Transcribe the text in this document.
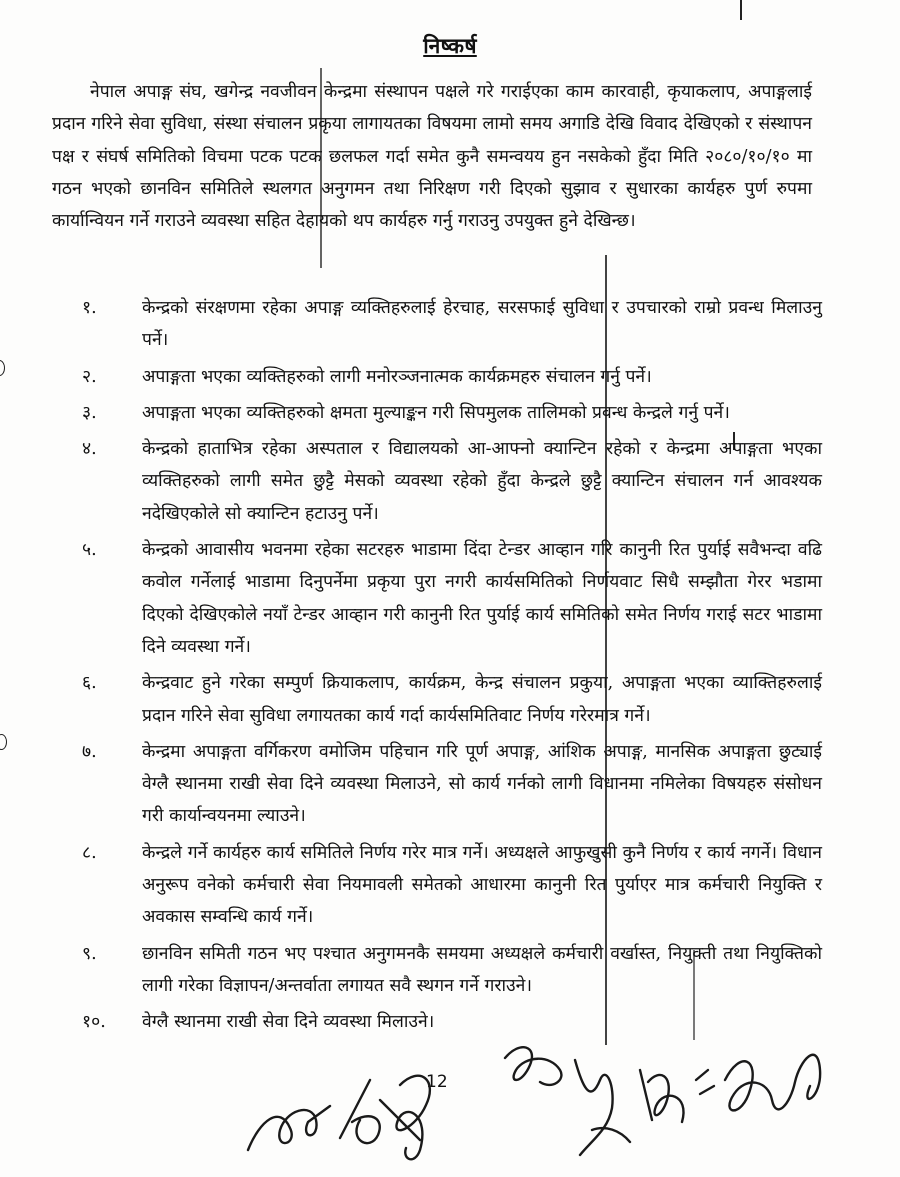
निष्कर्ष

नेपाल अपाङ्ग संघ, खगेन्द्र नवजीवन केन्द्रमा संस्थापन पक्षले गरे गराईएका काम कारवाही, कृयाकलाप, अपाङ्गलाई प्रदान गरिने सेवा सुविधा, संस्था संचालन प्रकृया लागायतका विषयमा लामो समय अगाडि देखि विवाद देखिएको र संस्थापन पक्ष र संघर्ष समितिको विचमा पटक पटक छलफल गर्दा समेत कुनै समन्वयय हुन नसकेको हुँदा मिति २०८०/१०/१० मा गठन भएको छानविन समितिले स्थलगत अनुगमन तथा निरिक्षण गरी दिएको सुझाव र सुधारका कार्यहरु पुर्ण रुपमा कार्यान्वियन गर्ने गराउने व्यवस्था सहित देहायको थप कार्यहरु गर्नु गराउनु उपयुक्त हुने देखिन्छ।

१.	केन्द्रको संरक्षणमा रहेका अपाङ्ग व्यक्तिहरुलाई हेरचाह, सरसफाई सुविधा र उपचारको राम्रो प्रवन्ध मिलाउनु पर्ने।
२.	अपाङ्गता भएका व्यक्तिहरुको लागी मनोरञ्जनात्मक कार्यक्रमहरु संचालन गर्नु पर्ने।
३.	अपाङ्गता भएका व्यक्तिहरुको क्षमता मुल्याङ्कन गरी सिपमुलक तालिमको प्रवन्ध केन्द्रले गर्नु पर्ने।
४.	केन्द्रको हाताभित्र रहेका अस्पताल र विद्यालयको आ-आफ्नो क्यान्टिन रहेको र केन्द्रमा अपाङ्गता भएका व्यक्तिहरुको लागी समेत छुट्टै मेसको व्यवस्था रहेको हुँदा केन्द्रले छुट्टै क्यान्टिन संचालन गर्न आवश्यक नदेखिएकोले सो क्यान्टिन हटाउनु पर्ने।
५.	केन्द्रको आवासीय भवनमा रहेका सटरहरु भाडामा दिंदा टेन्डर आव्हान गरि कानुनी रित पुर्याई सवैभन्दा वढि कवोल गर्नेलाई भाडामा दिनुपर्नेमा प्रकृया पुरा नगरी कार्यसमितिको निर्णयवाट सिधै सम्झौता गेरर भडामा दिएको देखिएकोले नयाँ टेन्डर आव्हान गरी कानुनी रित पुर्याई कार्य समितिको समेत निर्णय गराई सटर भाडामा दिने व्यवस्था गर्ने।
६.	केन्द्रवाट हुने गरेका सम्पुर्ण क्रियाकलाप, कार्यक्रम, केन्द्र संचालन प्रकुया, अपाङ्गता भएका व्याक्तिहरुलाई प्रदान गरिने सेवा सुविधा लगायतका कार्य गर्दा कार्यसमितिवाट निर्णय गरेरमात्र गर्ने।
७.	केन्द्रमा अपाङ्गता वर्गिकरण वमोजिम पहिचान गरि पूर्ण अपाङ्ग, आंशिक अपाङ्ग, मानसिक अपाङ्गता छुट्याई वेग्लै स्थानमा राखी सेवा दिने व्यवस्था मिलाउने, सो कार्य गर्नको लागी विधानमा नमिलेका विषयहरु संसोधन गरी कार्यान्वयनमा ल्याउने।
८.	केन्द्रले गर्ने कार्यहरु कार्य समितिले निर्णय गरेर मात्र गर्ने। अध्यक्षले आफुखुसी कुनै निर्णय र कार्य नगर्ने। विधान अनुरूप वनेको कर्मचारी सेवा नियमावली समेतको आधारमा कानुनी रित पुर्याएर मात्र कर्मचारी नियुक्ति र अवकास सम्वन्धि कार्य गर्ने।
९.	छानविन समिती गठन भए पश्चात अनुगमनकै समयमा अध्यक्षले कर्मचारी वर्खास्त, नियुक्ती तथा नियुक्तिको लागी गरेका विज्ञापन/अन्तर्वाता लगायत सवै स्थगन गर्ने गराउने।
१०.	वेग्लै स्थानमा राखी सेवा दिने व्यवस्था मिलाउने।
12
